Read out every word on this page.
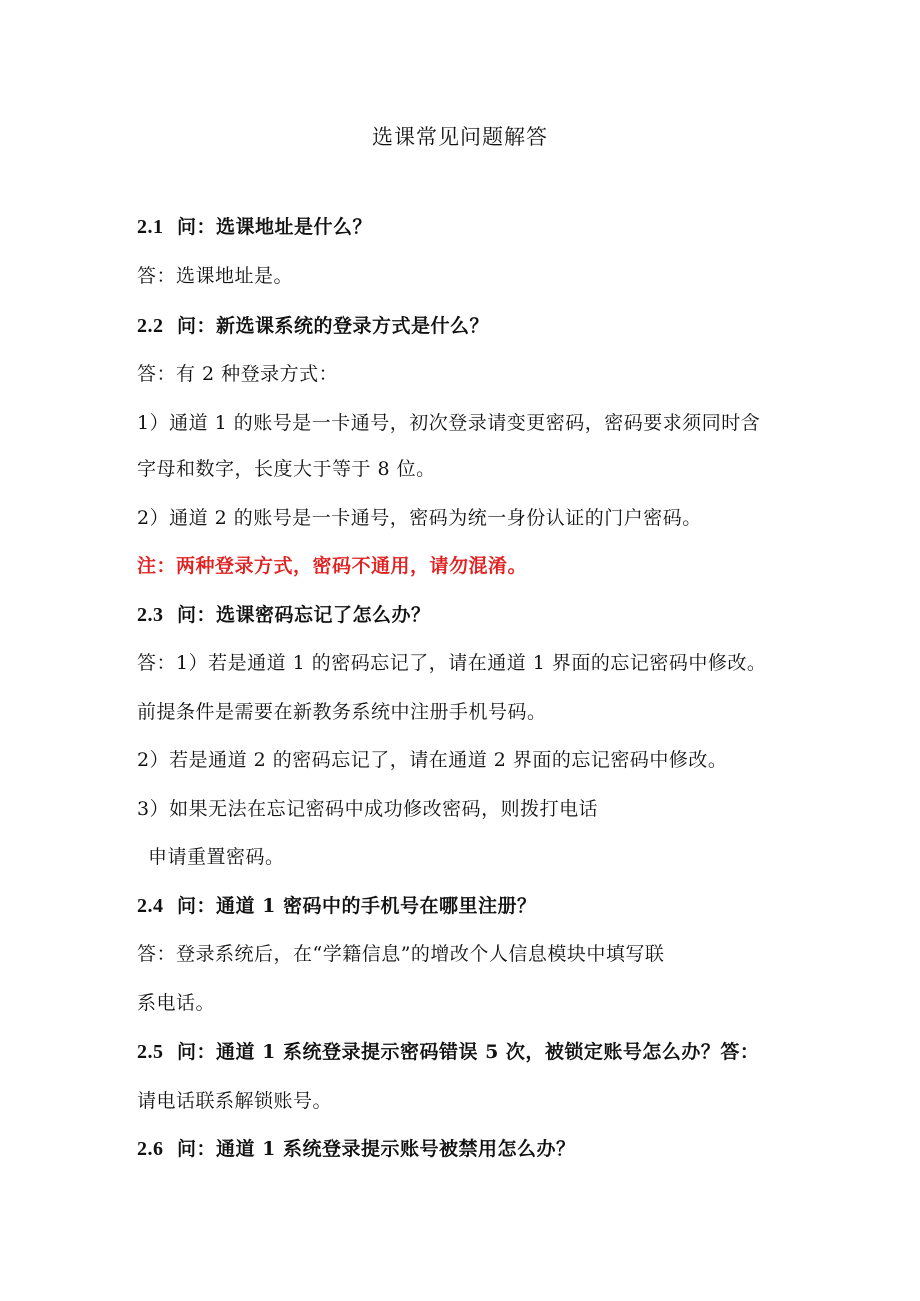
选课常见问题解答
2.1 问：选课地址是什么？
答：选课地址是。
2.2 问：新选课系统的登录方式是什么？
答：有 2 种登录方式：
1）通道 1 的账号是一卡通号，初次登录请变更密码，密码要求须同时含
字母和数字，长度大于等于 8 位。
2）通道 2 的账号是一卡通号，密码为统一身份认证的门户密码。
注：两种登录方式，密码不通用，请勿混淆。
2.3 问：选课密码忘记了怎么办？
答：1）若是通道 1 的密码忘记了，请在通道 1 界面的忘记密码中修改。
前提条件是需要在新教务系统中注册手机号码。
2）若是通道 2 的密码忘记了，请在通道 2 界面的忘记密码中修改。
3）如果无法在忘记密码中成功修改密码，则拨打电话
申请重置密码。
2.4 问：通道 1 密码中的手机号在哪里注册？
答：登录系统后，在“学籍信息”的增改个人信息模块中填写联
系电话。
2.5 问：通道 1 系统登录提示密码错误 5 次，被锁定账号怎么办？答：
请电话联系解锁账号。
2.6 问：通道 1 系统登录提示账号被禁用怎么办？
